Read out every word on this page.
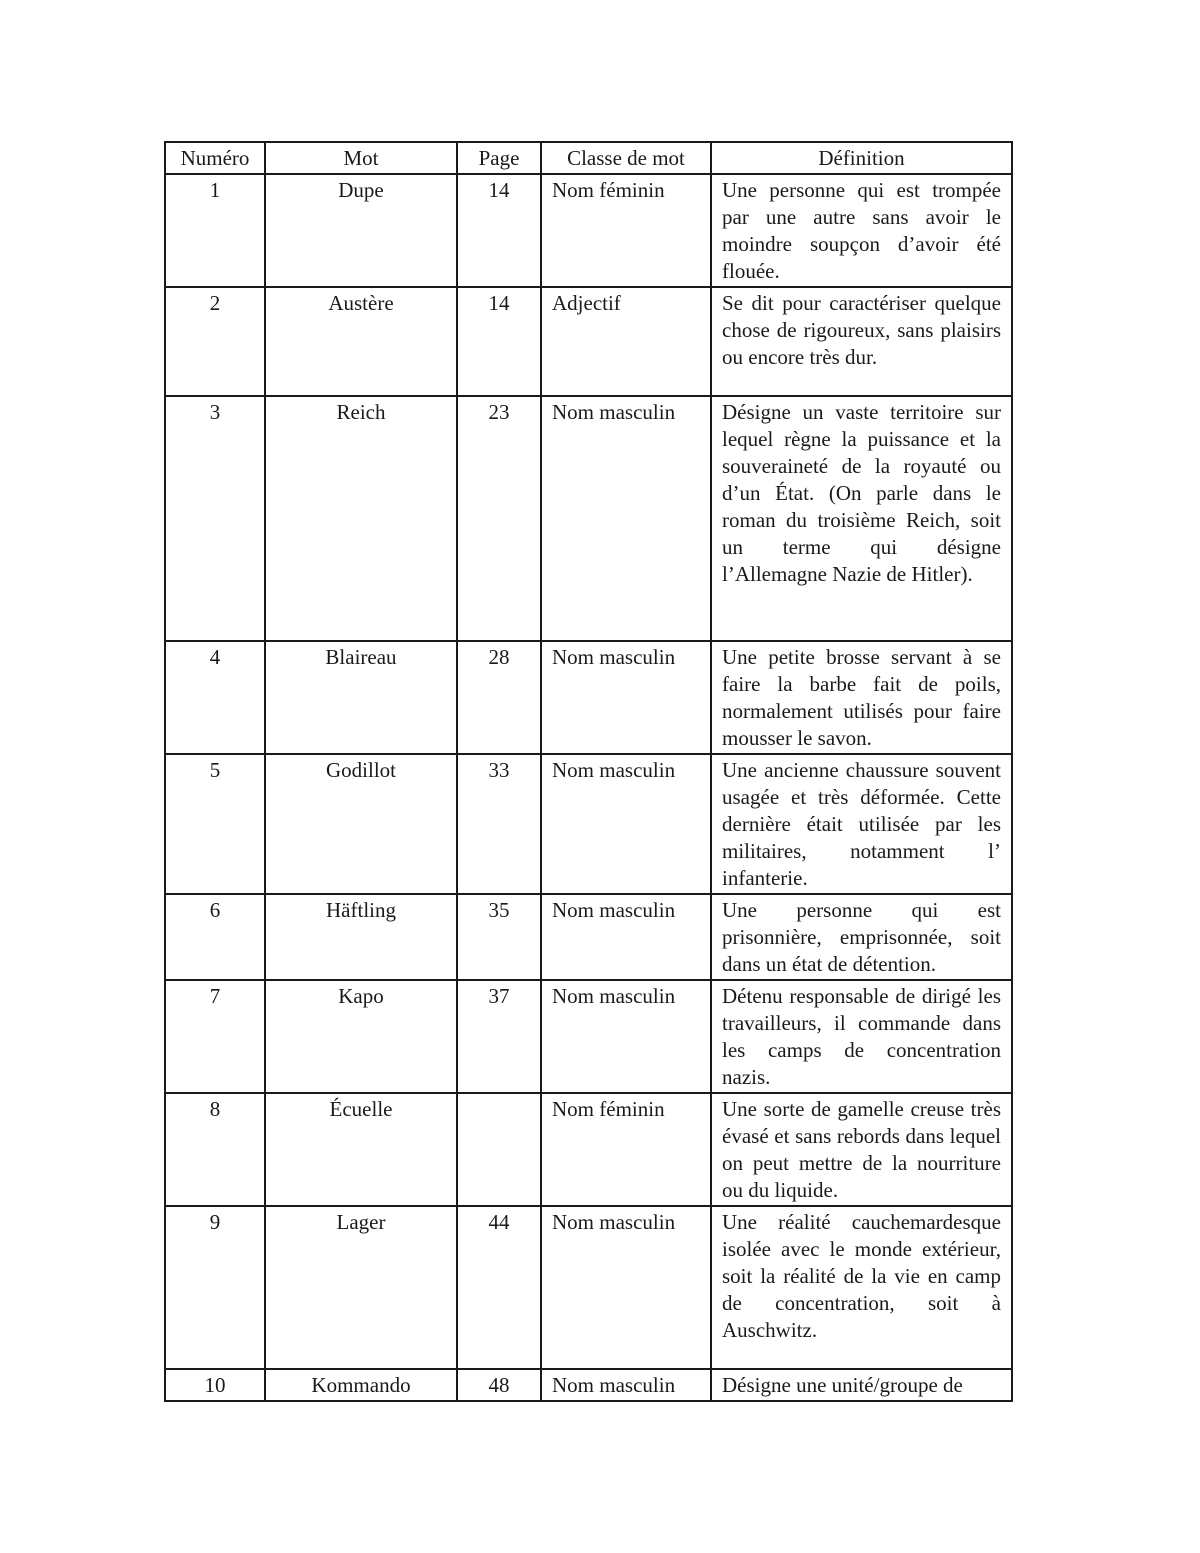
Numéro	Mot	Page	Classe de mot	Définition
1	Dupe	14	Nom féminin	Une personne qui est trompée par une autre sans avoir le moindre soupçon d’avoir été flouée.
2	Austère	14	Adjectif	Se dit pour caractériser quelque chose de rigoureux, sans plaisirs ou encore très dur.
3	Reich	23	Nom masculin	Désigne un vaste territoire sur lequel règne la puissance et la souveraineté de la royauté ou d’un État. (On parle dans le roman du troisième Reich, soit un terme qui désigne l’Allemagne Nazie de Hitler).
4	Blaireau	28	Nom masculin	Une petite brosse servant à se faire la barbe fait de poils, normalement utilisés pour faire mousser le savon.
5	Godillot	33	Nom masculin	Une ancienne chaussure souvent usagée et très déformée. Cette dernière était utilisée par les militaires, notamment l’ infanterie.
6	Häftling	35	Nom masculin	Une personne qui est prisonnière, emprisonnée, soit dans un état de détention.
7	Kapo	37	Nom masculin	Détenu responsable de dirigé les travailleurs, il commande dans les camps de concentration nazis.
8	Écuelle		Nom féminin	Une sorte de gamelle creuse très évasé et sans rebords dans lequel on peut mettre de la nourriture ou du liquide.
9	Lager	44	Nom masculin	Une réalité cauchemardesque isolée avec le monde extérieur, soit la réalité de la vie en camp de concentration, soit à Auschwitz.
10	Kommando	48	Nom masculin	Désigne une unité/groupe de
